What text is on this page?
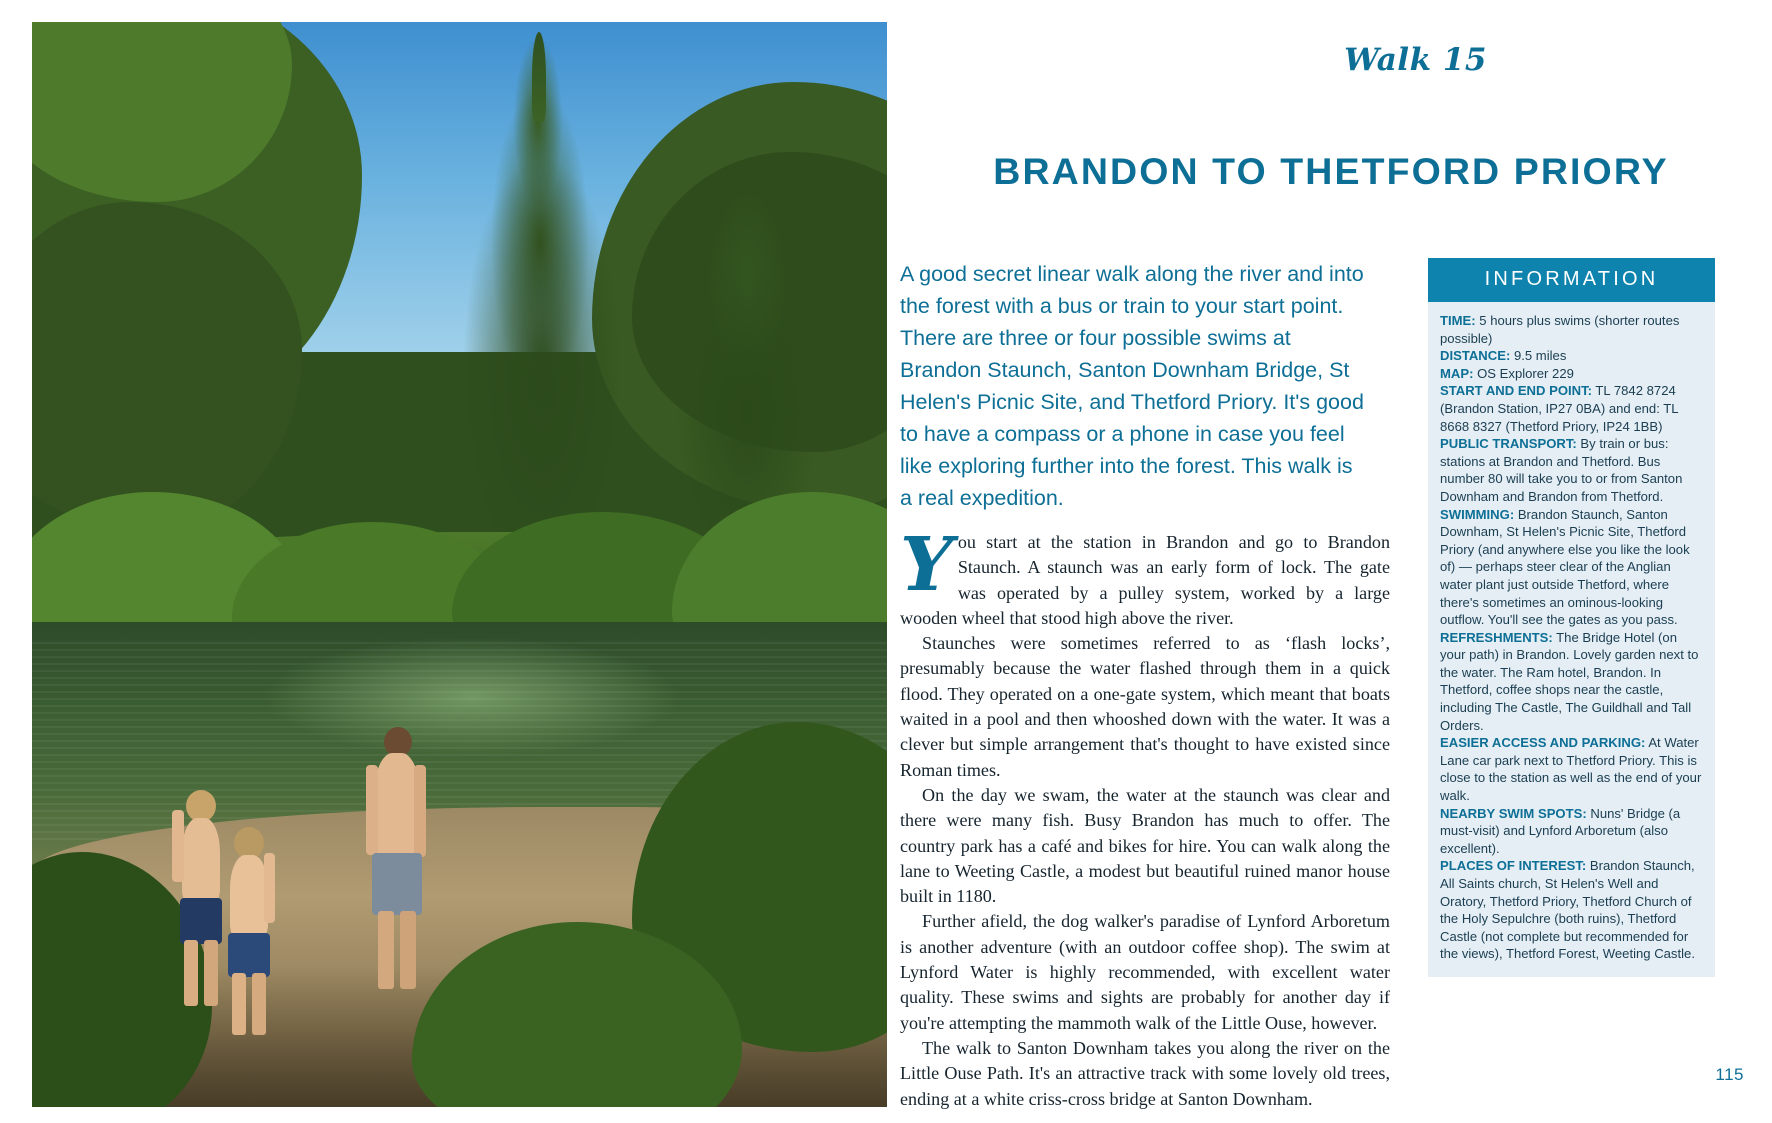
Walk 15
BRANDON TO THETFORD PRIORY
A good secret linear walk along the river and into the forest with a bus or train to your start point. There are three or four possible swims at Brandon Staunch, Santon Downham Bridge, St Helen's Picnic Site, and Thetford Priory. It's good to have a compass or a phone in case you feel like exploring further into the forest. This walk is a real expedition.

You start at the station in Brandon and go to Brandon Staunch. A staunch was an early form of lock. The gate was operated by a pulley system, worked by a large wooden wheel that stood high above the river.

Staunches were sometimes referred to as ‘flash locks’, presumably because the water flashed through them in a quick flood. They operated on a one-gate system, which meant that boats waited in a pool and then whooshed down with the water. It was a clever but simple arrangement that's thought to have existed since Roman times.

On the day we swam, the water at the staunch was clear and there were many fish. Busy Brandon has much to offer. The country park has a café and bikes for hire. You can walk along the lane to Weeting Castle, a modest but beautiful ruined manor house built in 1180.

Further afield, the dog walker's paradise of Lynford Arboretum is another adventure (with an outdoor coffee shop). The swim at Lynford Water is highly recommended, with excellent water quality. These swims and sights are probably for another day if you're attempting the mammoth walk of the Little Ouse, however.

The walk to Santon Downham takes you along the river on the Little Ouse Path. It's an attractive track with some lovely old trees, ending at a white criss-cross bridge at Santon Downham.

INFORMATION

TIME: 5 hours plus swims (shorter routes possible)

DISTANCE: 9.5 miles

MAP: OS Explorer 229

START AND END POINT: TL 7842 8724 (Brandon Station, IP27 0BA) and end: TL 8668 8327 (Thetford Priory, IP24 1BB)

PUBLIC TRANSPORT: By train or bus: stations at Brandon and Thetford. Bus number 80 will take you to or from Santon Downham and Brandon from Thetford.

SWIMMING: Brandon Staunch, Santon Downham, St Helen's Picnic Site, Thetford Priory (and anywhere else you like the look of) — perhaps steer clear of the Anglian water plant just outside Thetford, where there's sometimes an ominous-looking outflow. You'll see the gates as you pass.

REFRESHMENTS: The Bridge Hotel (on your path) in Brandon. Lovely garden next to the water. The Ram hotel, Brandon. In Thetford, coffee shops near the castle, including The Castle, The Guildhall and Tall Orders.

EASIER ACCESS AND PARKING: At Water Lane car park next to Thetford Priory. This is close to the station as well as the end of your walk.

NEARBY SWIM SPOTS: Nuns' Bridge (a must-visit) and Lynford Arboretum (also excellent).

PLACES OF INTEREST: Brandon Staunch, All Saints church, St Helen's Well and Oratory, Thetford Priory, Thetford Church of the Holy Sepulchre (both ruins), Thetford Castle (not complete but recommended for the views), Thetford Forest, Weeting Castle.

115
